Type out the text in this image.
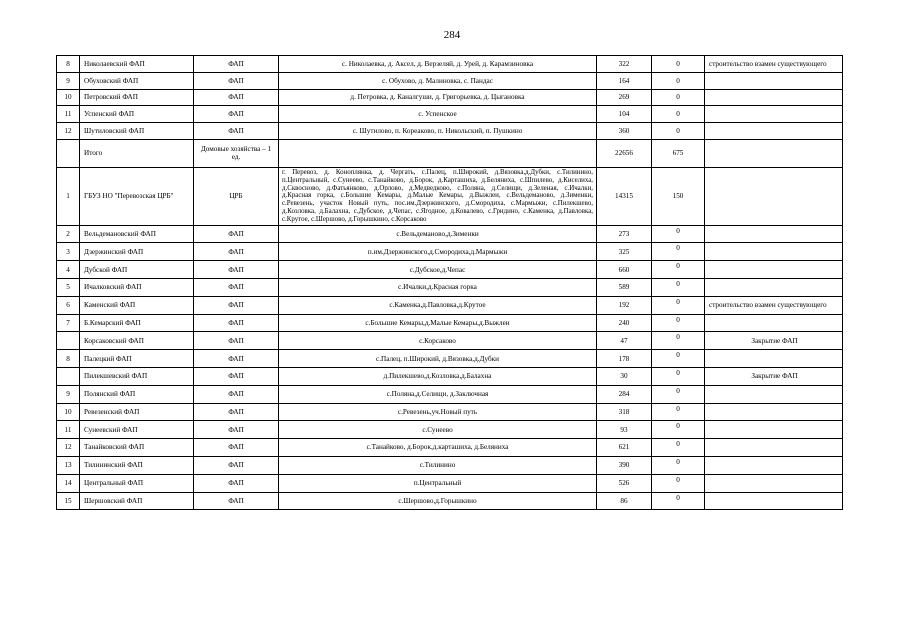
284
8	Николаевский ФАП	ФАП	с. Николаевка, д. Аксел, д. Верзеляй, д. Урей, д. Карамзиновка	322	0	строительство взамен существующего
9	Обуховский ФАП	ФАП	с. Обухово, д. Малиновка, с. Пандас	164	0	
10	Петровский ФАП	ФАП	д. Петровка, д. Каналгуши, д. Григорьевка, д. Цыгановка	269	0	
11	Успенский ФАП	ФАП	с. Успенское	104	0	
12	Шутиловский ФАП	ФАП	с. Шутилово, п. Кореаково, п. Никольский, п. Пушкино	360	0	
	Итого	Домовые хозяйства – 1 ед.		22656	675	
1	ГБУЗ НО "Перевозская ЦРБ"	ЦРБ	г. Перевоз, д. Коноплянка, д. Чергать, с.Палец, п.Широкий, д.Вязовка,д.Дубки, с.Тилинино, п.Центральный, с.Сунеево, с.Танайково, д.Борок, д.Карташиха, д.Беляниха, с.Шпилево, д.Киселиха, д.Сквосново, д.Фатьянково, д.Орлово, д.Медведково, с.Поляна, д.Селищи, д.Зеленая, с.Ичалки, д.Красная горка, с.Большие Кемары, д.Малые Кемары, д.Выжлеи, с.Вельдеманово, д.Зименки, с.Ревезень, участок Новый путь, пос.им.Дзержинского, д.Смородиха, с.Мармыжи, с.Пилекшево, д.Козловка, д.Балахна, с.Дубское, д.Чепас, с.Ягодное, д.Ковалево, с.Гридино, с.Каменка, д.Павловка, с.Крутое, с.Шершово, д.Горышкино, с.Корсаково	14315	150	
2	Вельдемановский ФАП	ФАП	с.Вельдеманово,д.Зименки	273	0	
3	Дзержинский ФАП	ФАП	п.им.Дзержинского,д.Смородиха,д.Мармыжи	325	0	
4	Дубской ФАП	ФАП	с.Дубское,д.Чепас	660	0	
5	Ичалковский ФАП	ФАП	с.Ичалки,д.Красная горка	589	0	
6	Каменский ФАП	ФАП	с.Каменка,д.Павловка,д.Крутое	192	0	строительство взамен существующего
7	Б.Кемарский ФАП	ФАП	с.Большие Кемары,д.Малые Кемары,д.Выжлеи	240	0	
	Корсаковский ФАП	ФАП	с.Корсаково	47	0	Закрытие ФАП
8	Палецкий ФАП	ФАП	с.Палец, п.Широкий, д.Вязовка,д.Дубки	178	0	
	Пилекшевский ФАП	ФАП	д.Пилекшево,д.Козловка,д.Балахна	30	0	Закрытие ФАП
9	Полянский ФАП	ФАП	с.Поляна,д.Селищи, д.Заключная	284	0	
10	Ревезенский ФАП	ФАП	с.Ревезень,уч.Новый путь	318	0	
11	Сунеевский ФАП	ФАП	с.Сунеево	93	0	
12	Танайковский ФАП	ФАП	с.Танайково, д.Борок,д.карташиха, д.Беляниха	621	0	
13	Тилининский ФАП	ФАП	с.Тилинино	390	0	
14	Центральный ФАП	ФАП	п.Центральный	526	0	
15	Шершовский ФАП	ФАП	с.Шершово,д.Горышкино	86	0	
